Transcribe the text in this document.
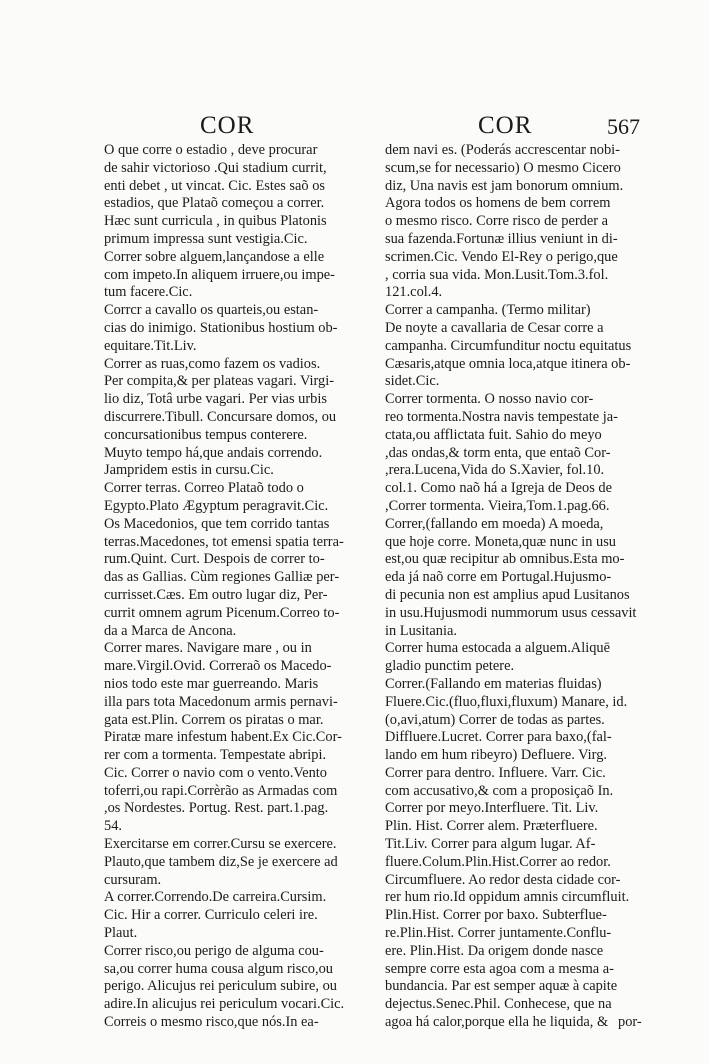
COR	COR	567
O que corre o estadio , deve procurar
de sahir victorioso .Qui stadium currit,
enti debet , ut vincat. Cic. Estes saõ os
estadios, que Plataõ começou a correr.
Hæc sunt curricula , in quibus Platonis
primum impressa sunt vestigia.Cic.
Correr sobre alguem,lançandose a elle
com impeto.In aliquem irruere,ou impe-
tum facere.Cic.
Corrcr a cavallo os quarteis,ou estan-
cias do inimigo. Stationibus hostium ob-
equitare.Tit.Liv.
Correr as ruas,como fazem os vadios.
Per compita,& per plateas vagari. Virgi-
lio diz, Totâ urbe vagari. Per vias urbis
discurrere.Tibull. Concursare domos, ou
concursationibus tempus conterere.
Muyto tempo há,que andais correndo.
Jampridem estis in cursu.Cic.
Correr terras. Correo Plataõ todo o
Egypto.Plato Ægyptum peragravit.Cic.
Os Macedonios, que tem corrido tantas
terras.Macedones, tot emensi spatia terra-
rum.Quint. Curt. Despois de correr to-
das as Gallias. Cùm regiones Galliæ per-
currisset.Cæs. Em outro lugar diz, Per-
currit omnem agrum Picenum.Correo to-
da a Marca de Ancona.
Correr mares. Navigare mare , ou in
mare.Virgil.Ovid. Correraõ os Macedo-
nios todo este mar guerreando. Maris
illa pars tota Macedonum armis pernavi-
gata est.Plin. Correm os piratas o mar.
Piratæ mare infestum habent.Ex Cic.Cor-
rer com a tormenta. Tempestate abripi.
Cic. Correr o navio com o vento.Vento
toferri,ou rapi.Corrèrão as Armadas com
,os Nordestes. Portug. Rest. part.1.pag.
54.
Exercitarse em correr.Cursu se exercere.
Plauto,que tambem diz,Se je exercere ad
cursuram.
A correr.Correndo.De carreira.Cursim.
Cic. Hir a correr. Curriculo celeri ire.
Plaut.
Correr risco,ou perigo de alguma cou-
sa,ou correr huma cousa algum risco,ou
perigo. Alicujus rei periculum subire, ou
adire.In alicujus rei periculum vocari.Cic.
Correis o mesmo risco,que nós.In ea-
dem navi es. (Poderás accrescentar nobi-
scum,se for necessario) O mesmo Cicero
diz, Una navis est jam bonorum omnium.
Agora todos os homens de bem correm
o mesmo risco. Corre risco de perder a
sua fazenda.Fortunæ illius veniunt in di-
scrimen.Cic. Vendo El-Rey o perigo,que
, corria sua vida. Mon.Lusit.Tom.3.fol.
121.col.4.
Correr a campanha. (Termo militar)
De noyte a cavallaria de Cesar corre a
campanha. Circumfunditur noctu equitatus
Cæsaris,atque omnia loca,atque itinera ob-
sidet.Cic.
Correr tormenta. O nosso navio cor-
reo tormenta.Nostra navis tempestate ja-
ctata,ou afflictata fuit. Sahio do meyo
,das ondas,& torm enta, que entaõ Cor-
,rera.Lucena,Vida do S.Xavier, fol.10.
col.1. Como naõ há a Igreja de Deos de
,Correr tormenta. Vieira,Tom.1.pag.66.
Correr,(fallando em moeda) A moeda,
que hoje corre. Moneta,quæ nunc in usu
est,ou quæ recipitur ab omnibus.Esta mo-
eda já naõ corre em Portugal.Hujusmo-
di pecunia non est amplius apud Lusitanos
in usu.Hujusmodi nummorum usus cessavit
in Lusitania.
Correr huma estocada a alguem.Aliquē
gladio punctim petere.
Correr.(Fallando em materias fluidas)
Fluere.Cic.(fluo,fluxi,fluxum) Manare, id.
(o,avi,atum) Correr de todas as partes.
Diffluere.Lucret. Correr para baxo,(fal-
lando em hum ribeyro) Defluere. Virg.
Correr para dentro. Influere. Varr. Cic.
com accusativo,& com a proposiçaõ In.
Correr por meyo.Interfluere. Tit. Liv.
Plin. Hist. Correr alem. Præterfluere.
Tit.Liv. Correr para algum lugar. Af-
fluere.Colum.Plin.Hist.Correr ao redor.
Circumfluere. Ao redor desta cidade cor-
rer hum rio.Id oppidum amnis circumfluit.
Plin.Hist. Correr por baxo. Subterflue-
re.Plin.Hist. Correr juntamente.Conflu-
ere. Plin.Hist. Da origem donde nasce
sempre corre esta agoa com a mesma a-
bundancia. Par est semper aquæ à capite
dejectus.Senec.Phil. Conhecese, que na
agoa há calor,porque ella he liquida, & por-
